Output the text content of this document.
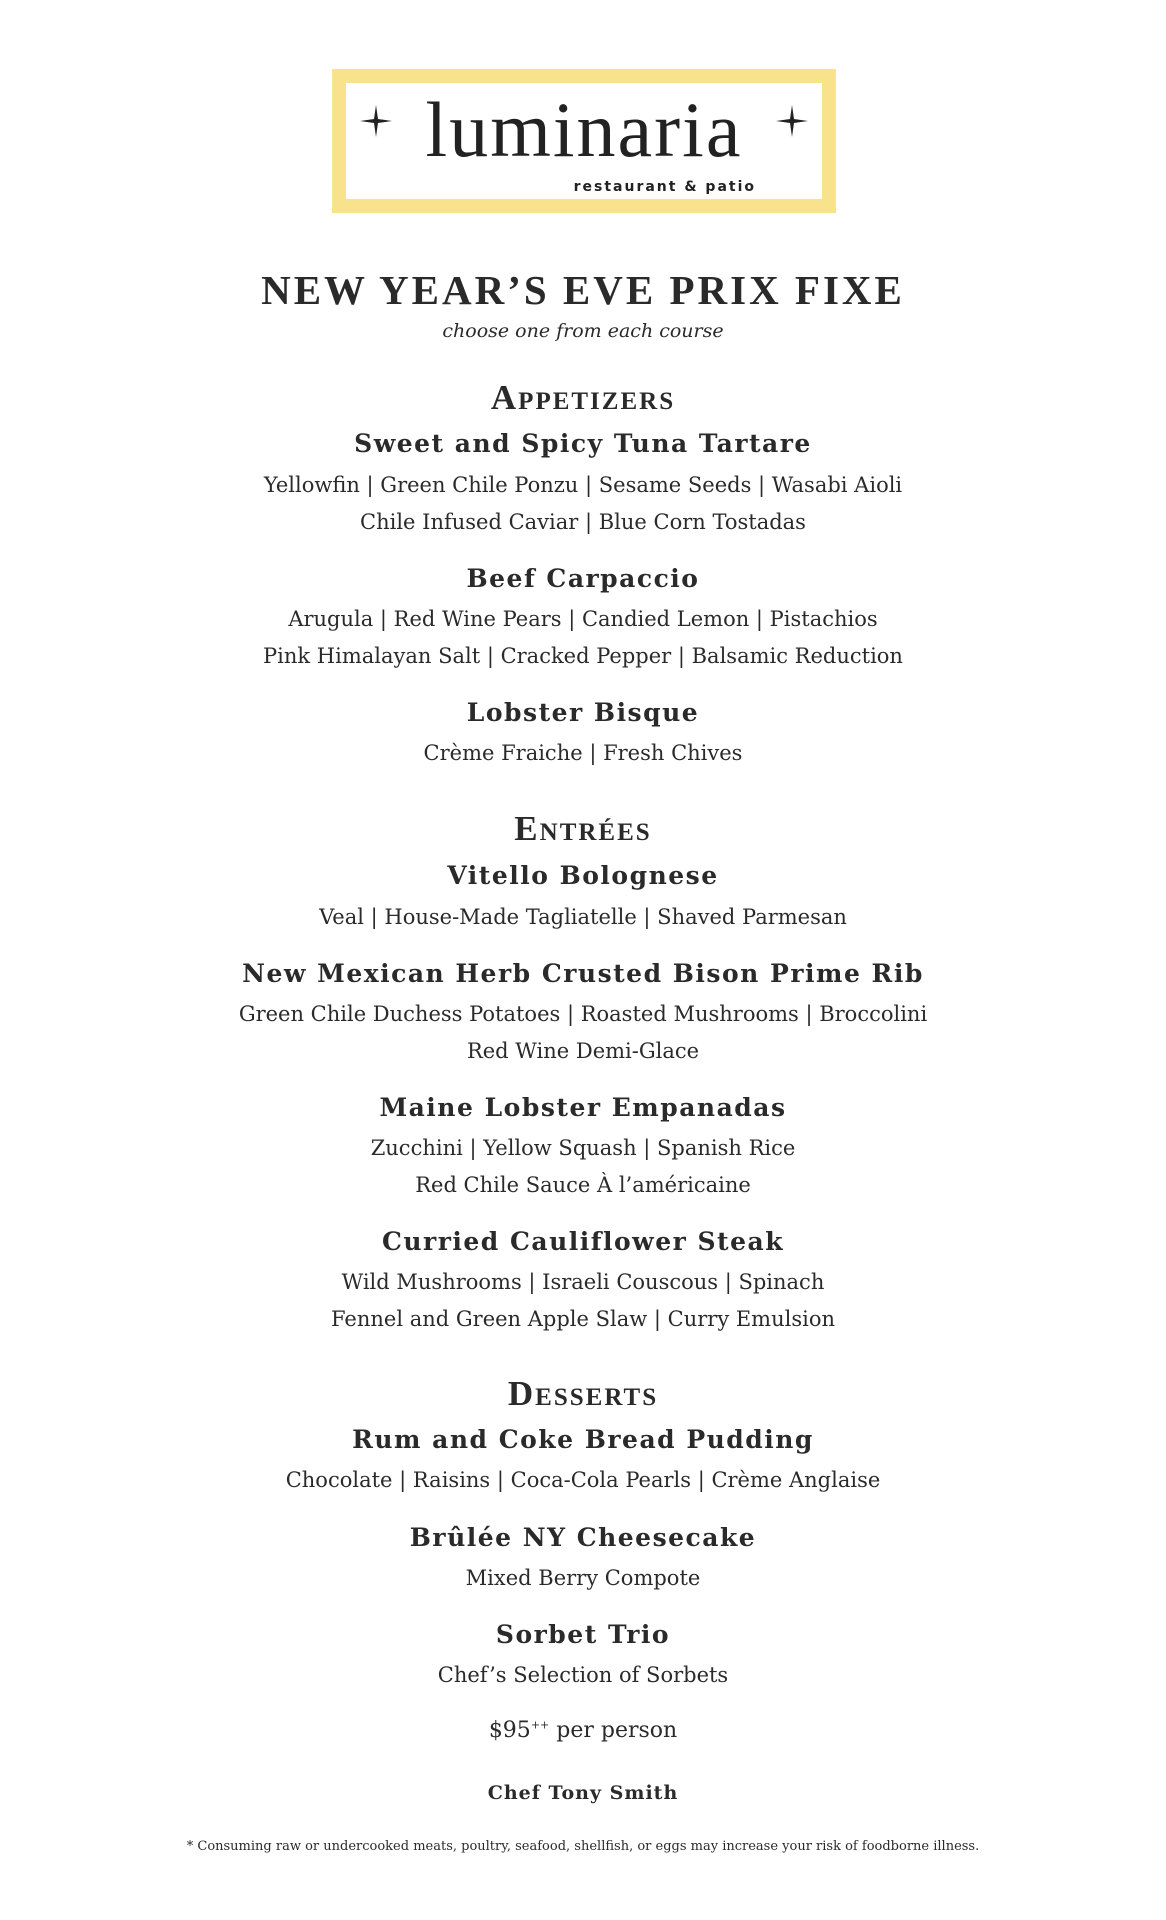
luminaria
restaurant & patio
NEW YEAR’S EVE PRIX FIXE
choose one from each course
Appetizers
Sweet and Spicy Tuna Tartare
Yellowfin | Green Chile Ponzu | Sesame Seeds | Wasabi Aioli
Chile Infused Caviar | Blue Corn Tostadas
Beef Carpaccio
Arugula | Red Wine Pears | Candied Lemon | Pistachios
Pink Himalayan Salt | Cracked Pepper | Balsamic Reduction
Lobster Bisque
Crème Fraiche | Fresh Chives
Entrées
Vitello Bolognese
Veal | House-Made Tagliatelle | Shaved Parmesan
New Mexican Herb Crusted Bison Prime Rib
Green Chile Duchess Potatoes | Roasted Mushrooms | Broccolini
Red Wine Demi-Glace
Maine Lobster Empanadas
Zucchini | Yellow Squash | Spanish Rice
Red Chile Sauce À l’américaine
Curried Cauliflower Steak
Wild Mushrooms | Israeli Couscous | Spinach
Fennel and Green Apple Slaw | Curry Emulsion
Desserts
Rum and Coke Bread Pudding
Chocolate | Raisins | Coca-Cola Pearls | Crème Anglaise
Brûlée NY Cheesecake
Mixed Berry Compote
Sorbet Trio
Chef’s Selection of Sorbets
$95++ per person
Chef Tony Smith
* Consuming raw or undercooked meats, poultry, seafood, shellfish, or eggs may increase your risk of foodborne illness.
